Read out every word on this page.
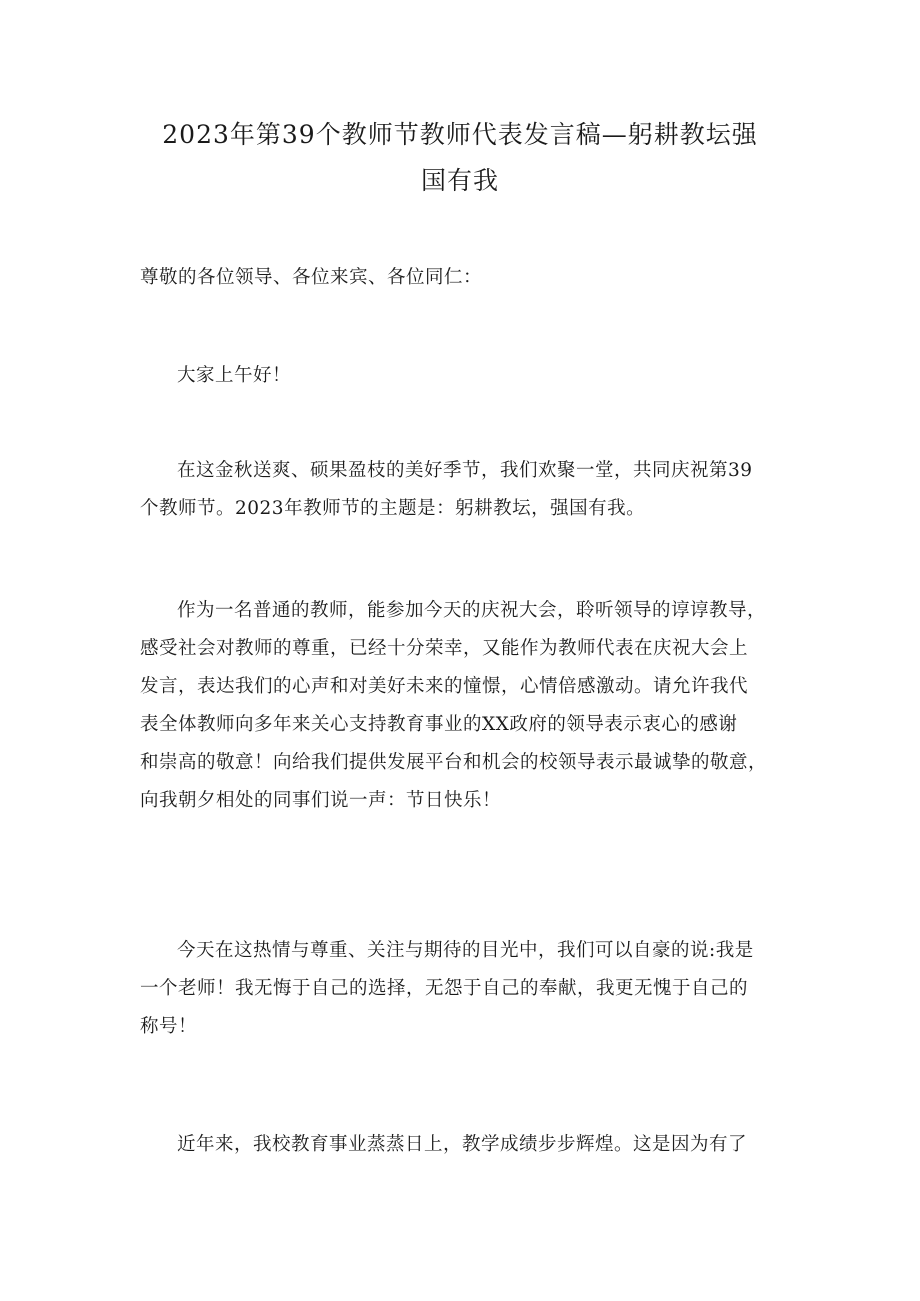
2023年第39个教师节教师代表发言稿—躬耕教坛强
国有我

尊敬的各位领导、各位来宾、各位同仁：

大家上午好！

在这金秋送爽、硕果盈枝的美好季节，我们欢聚一堂，共同庆祝第39
个教师节。2023年教师节的主题是：躬耕教坛，强国有我。

作为一名普通的教师，能参加今天的庆祝大会，聆听领导的谆谆教导，
感受社会对教师的尊重，已经十分荣幸，又能作为教师代表在庆祝大会上
发言，表达我们的心声和对美好未来的憧憬，心情倍感激动。请允许我代
表全体教师向多年来关心支持教育事业的XX政府的领导表示衷心的感谢
和崇高的敬意！向给我们提供发展平台和机会的校领导表示最诚挚的敬意，
向我朝夕相处的同事们说一声：节日快乐！

今天在这热情与尊重、关注与期待的目光中，我们可以自豪的说:我是
一个老师！我无悔于自己的选择，无怨于自己的奉献，我更无愧于自己的
称号！

近年来，我校教育事业蒸蒸日上，教学成绩步步辉煌。这是因为有了
